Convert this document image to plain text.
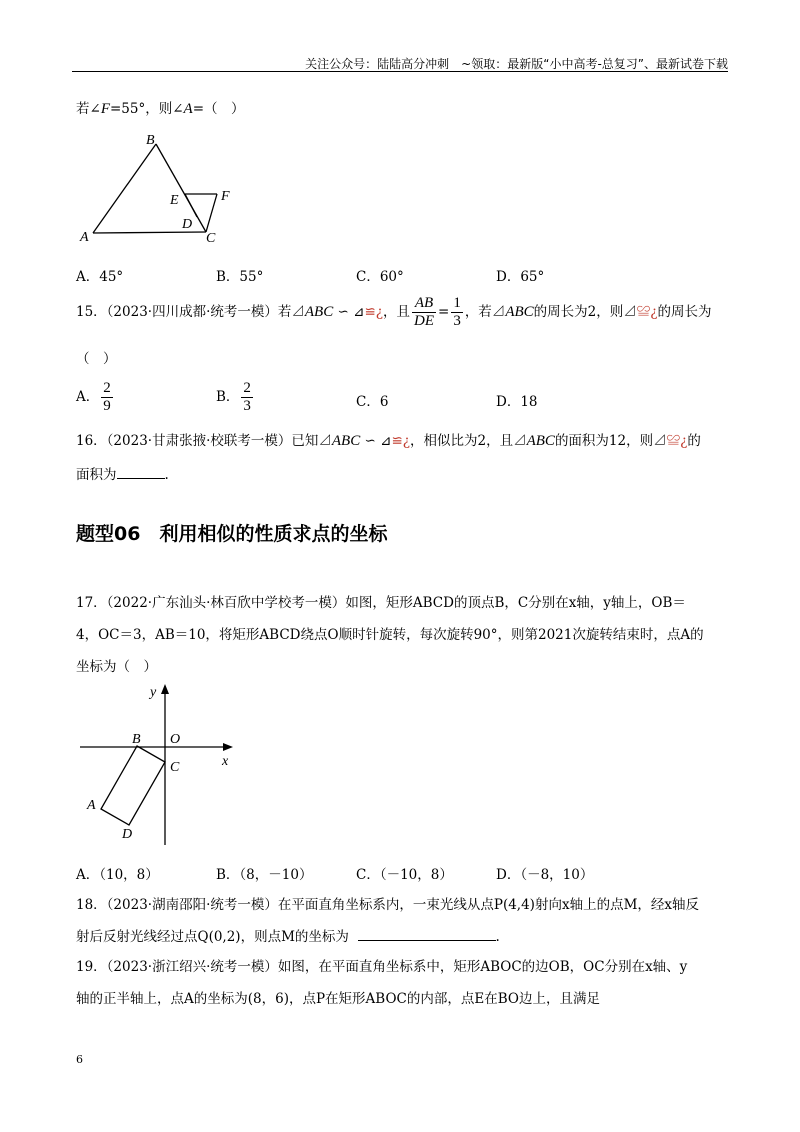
关注公众号：陆陆高分冲刺　~领取：最新版“小中高考-总复习”、最新试卷下载
若∠F=55°，则∠A=（　）
B
E	F
D
A	C
A．45°	B．55°	C．60°	D．65°
15．（2023·四川成都·统考一模）若⊿ABC ∽ ⊿≌¿，且 $\frac{AB}{DE} = \frac{1}{3}$ ，若⊿ABC的周长为2，则⊿≌¿的周长为
（　）
A． $\frac{2}{9}$	B． $\frac{2}{3}$	C．6	D．18
16．（2023·甘肃张掖·校联考一模）已知⊿ABC ∽ ⊿≌¿，相似比为2，且⊿ABC的面积为12，则⊿≌¿的
面积为	.
题型06　利用相似的性质求点的坐标
17．（2022·广东汕头·林百欣中学校考一模）如图，矩形ABCD的顶点B，C分别在x轴，y轴上，OB＝
4，OC＝3，AB＝10，将矩形ABCD绕点O顺时针旋转，每次旋转90°，则第2021次旋转结束时，点A的
坐标为（　）
y
x
B O
C
A
D
A．（10，8）	B．（8，－10）	C．（－10，8）	D．（－8，10）
18．（2023·湖南邵阳·统考一模）在平面直角坐标系内，一束光线从点P(4,4)射向x轴上的点M，经x轴反
射后反射光线经过点Q(0,2)，则点M的坐标为	.
19．（2023·浙江绍兴·统考一模）如图，在平面直角坐标系中，矩形ABOC的边OB，OC分别在x轴、y
轴的正半轴上，点A的坐标为(8，6)，点P在矩形ABOC的内部，点E在BO边上，且满足
6
